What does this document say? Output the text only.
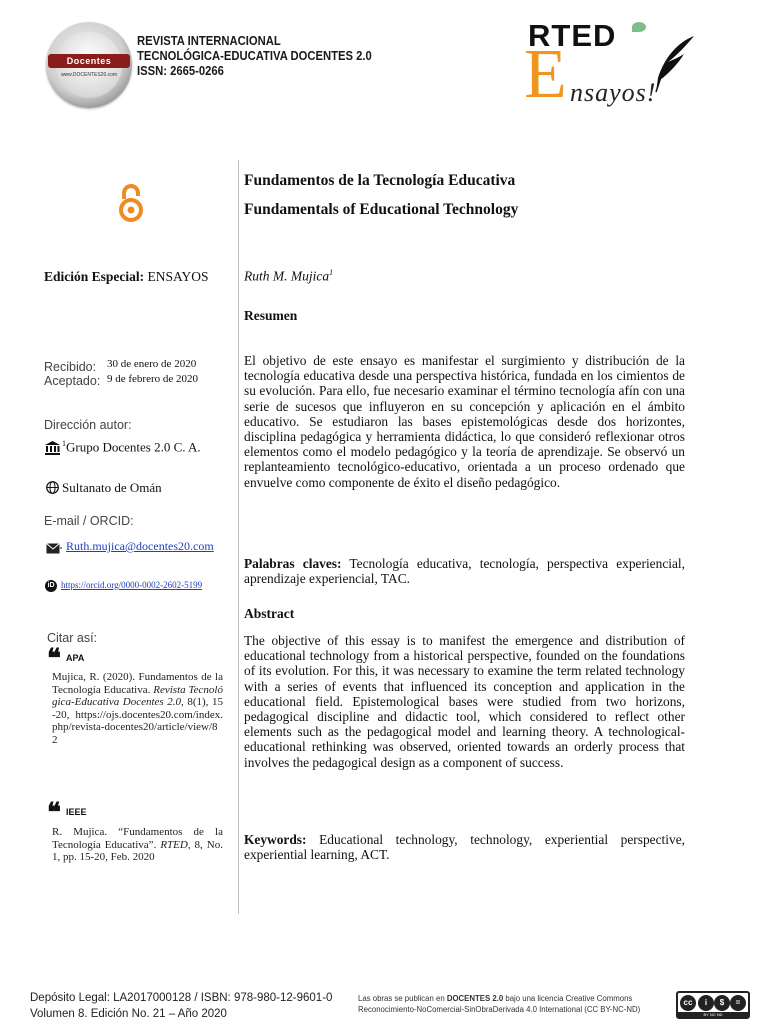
Docentes
www.DOCENTES20.com
REVISTA INTERNACIONAL
TECNOLÓGICA-EDUCATIVA DOCENTES 2.0
ISSN: 2665-0266
RTED
E nsayos!
Edición Especial: ENSAYOS
Recibido: 30 de enero de 2020
Aceptado: 9 de febrero de 2020
Dirección autor:
$^1$Grupo Docentes 2.0 C. A.
Sultanato de Omán
E-mail / ORCID:
Ruth.mujica@docentes20.com
iD https://orcid.org/0000-0002-2602-5199
Citar así:
❝ APA
Mujica, R. (2020). Fundamentos de la Tecnología Educativa. Revista Tecnológica-Educativa Docentes 2.0, 8(1), 15-20, https://ojs.docentes20.com/index.php/revista-docentes20/article/view/82
❝ IEEE
R. Mujica. “Fundamentos de la Tecnología Educativa”. RTED, 8, No. 1, pp. 15-20, Feb. 2020
Fundamentos de la Tecnología Educativa
Fundamentals of Educational Technology
Ruth M. Mujica$^1$
Resumen
El objetivo de este ensayo es manifestar el surgimiento y distribución de la tecnología educativa desde una perspectiva histórica, fundada en los cimientos de su evolución. Para ello, fue necesario examinar el término tecnología afín con una serie de sucesos que influyeron en su concepción y aplicación en el ámbito educativo. Se estudiaron las bases epistemológicas desde dos horizontes, disciplina pedagógica y herramienta didáctica, lo que consideró reflexionar otros elementos como el modelo pedagógico y la teoría de aprendizaje. Se observó un replanteamiento tecnológico-educativo, orientada a un proceso ordenado que envuelve como componente de éxito el diseño pedagógico.
Palabras claves: Tecnología educativa, tecnología, perspectiva experiencial, aprendizaje experiencial, TAC.
Abstract
The objective of this essay is to manifest the emergence and distribution of educational technology from a historical perspective, founded on the foundations of its evolution. For this, it was necessary to examine the term related technology with a series of events that influenced its conception and application in the educational field. Epistemological bases were studied from two horizons, pedagogical discipline and didactic tool, which considered to reflect other elements such as the pedagogical model and learning theory. A technological-educational rethinking was observed, oriented towards an orderly process that involves the pedagogical design as a component of success.
Keywords: Educational technology, technology, experiential perspective, experiential learning, ACT.
Depósito Legal: LA2017000128 / ISBN: 978-980-12-9601-0
Volumen 8. Edición No. 21 – Año 2020
Las obras se publican en DOCENTES 2.0 bajo una licencia Creative Commons
Reconocimiento-NoComercial-SinObraDerivada 4.0 International (CC BY-NC-ND)
cc	i	$	=
BY NC ND
